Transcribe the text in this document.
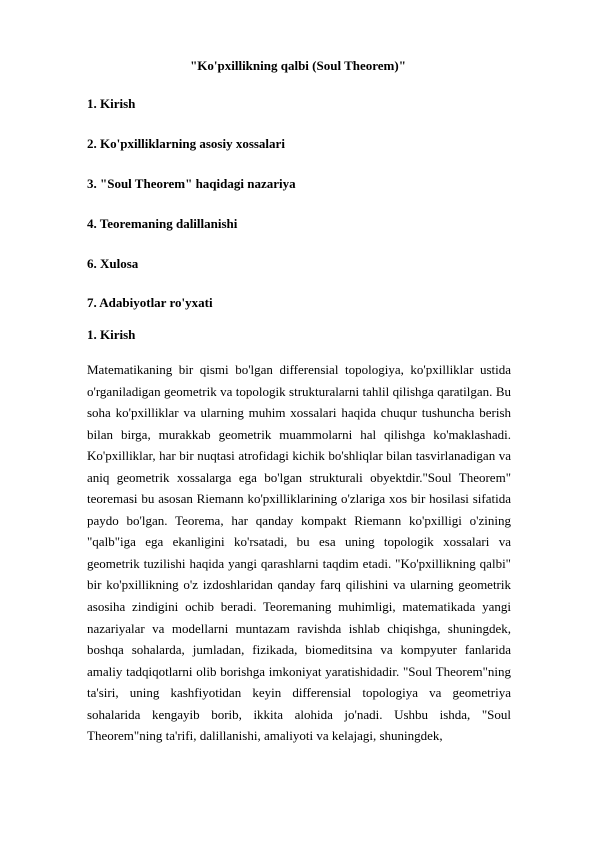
"Ko'pxillikning qalbi (Soul Theorem)"
1. Kirish
2. Ko'pxilliklarning asosiy xossalari
3. "Soul Theorem" haqidagi nazariya
4. Teoremaning dalillanishi
6. Xulosa
7. Adabiyotlar ro'yxati
1. Kirish

Matematikaning bir qismi bo'lgan differensial topologiya, ko'pxilliklar ustida o'rganiladigan geometrik va topologik strukturalarni tahlil qilishga qaratilgan. Bu soha ko'pxilliklar va ularning muhim xossalari haqida chuqur tushuncha berish bilan birga, murakkab geometrik muammolarni hal qilishga ko'maklashadi. Ko'pxilliklar, har bir nuqtasi atrofidagi kichik bo'shliqlar bilan tasvirlanadigan va aniq geometrik xossalarga ega bo'lgan strukturali obyektdir."Soul Theorem" teoremasi bu asosan Riemann ko'pxilliklarining o'zlariga xos bir hosilasi sifatida paydo bo'lgan. Teorema, har qanday kompakt Riemann ko'pxilligi o'zining "qalb"iga ega ekanligini ko'rsatadi, bu esa uning topologik xossalari va geometrik tuzilishi haqida yangi qarashlarni taqdim etadi. "Ko'pxillikning qalbi" bir ko'pxillikning o'z izdoshlaridan qanday farq qilishini va ularning geometrik asosiha zindigini ochib beradi. Teoremaning muhimligi, matematikada yangi nazariyalar va modellarni muntazam ravishda ishlab chiqishga, shuningdek, boshqa sohalarda, jumladan, fizikada, biomeditsina va kompyuter fanlarida amaliy tadqiqotlarni olib borishga imkoniyat yaratishidadir. "Soul Theorem"ning ta'siri, uning kashfiyotidan keyin differensial topologiya va geometriya sohalarida kengayib borib, ikkita alohida jo'nadi. Ushbu ishda, "Soul Theorem"ning ta'rifi, dalillanishi, amaliyoti va kelajagi, shuningdek,
